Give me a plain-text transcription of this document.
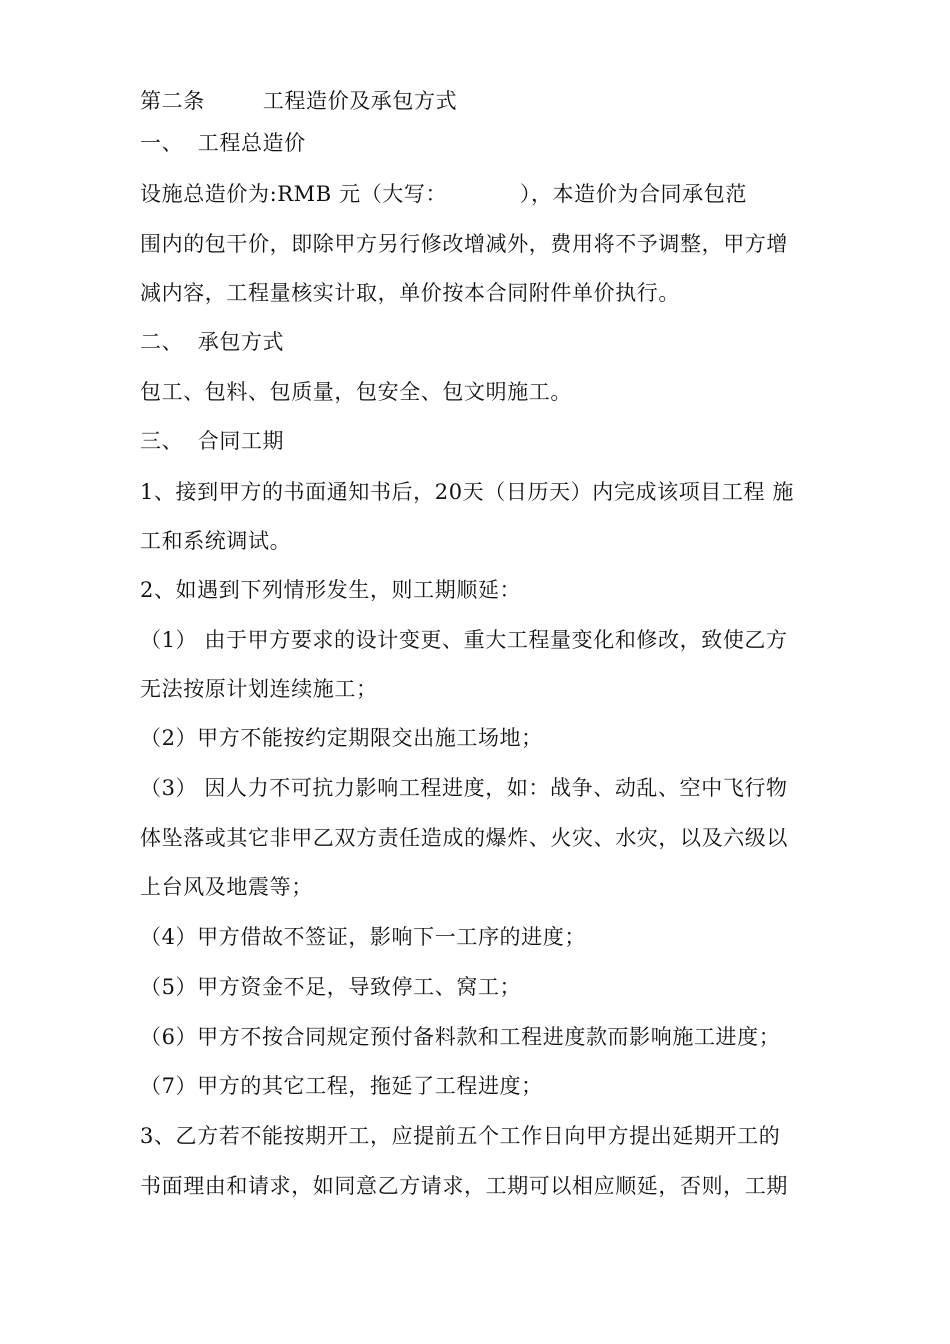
第二条	工程造价及承包方式
一、  工程总造价
设施总造价为:RMB 元（大写：          ），本造价为合同承包范
围内的包干价，即除甲方另行修改增减外，费用将不予调整，甲方增
减内容，工程量核实计取，单价按本合同附件单价执行。
二、  承包方式
包工、包料、包质量，包安全、包文明施工。
三、  合同工期
1、接到甲方的书面通知书后，20天（日历天）内完成该项目工程 施
工和系统调试。
2、如遇到下列情形发生，则工期顺延：
（1） 由于甲方要求的设计变更、重大工程量变化和修改，致使乙方
无法按原计划连续施工；
（2）甲方不能按约定期限交出施工场地；
（3） 因人力不可抗力影响工程进度，如：战争、动乱、空中飞行物
体坠落或其它非甲乙双方责任造成的爆炸、火灾、水灾，以及六级以
上台风及地震等；
（4）甲方借故不签证，影响下一工序的进度；
（5）甲方资金不足，导致停工、窝工；
（6）甲方不按合同规定预付备料款和工程进度款而影响施工进度；
（7）甲方的其它工程，拖延了工程进度；
3、乙方若不能按期开工，应提前五个工作日向甲方提出延期开工的
书面理由和请求，如同意乙方请求，工期可以相应顺延，否则，工期
